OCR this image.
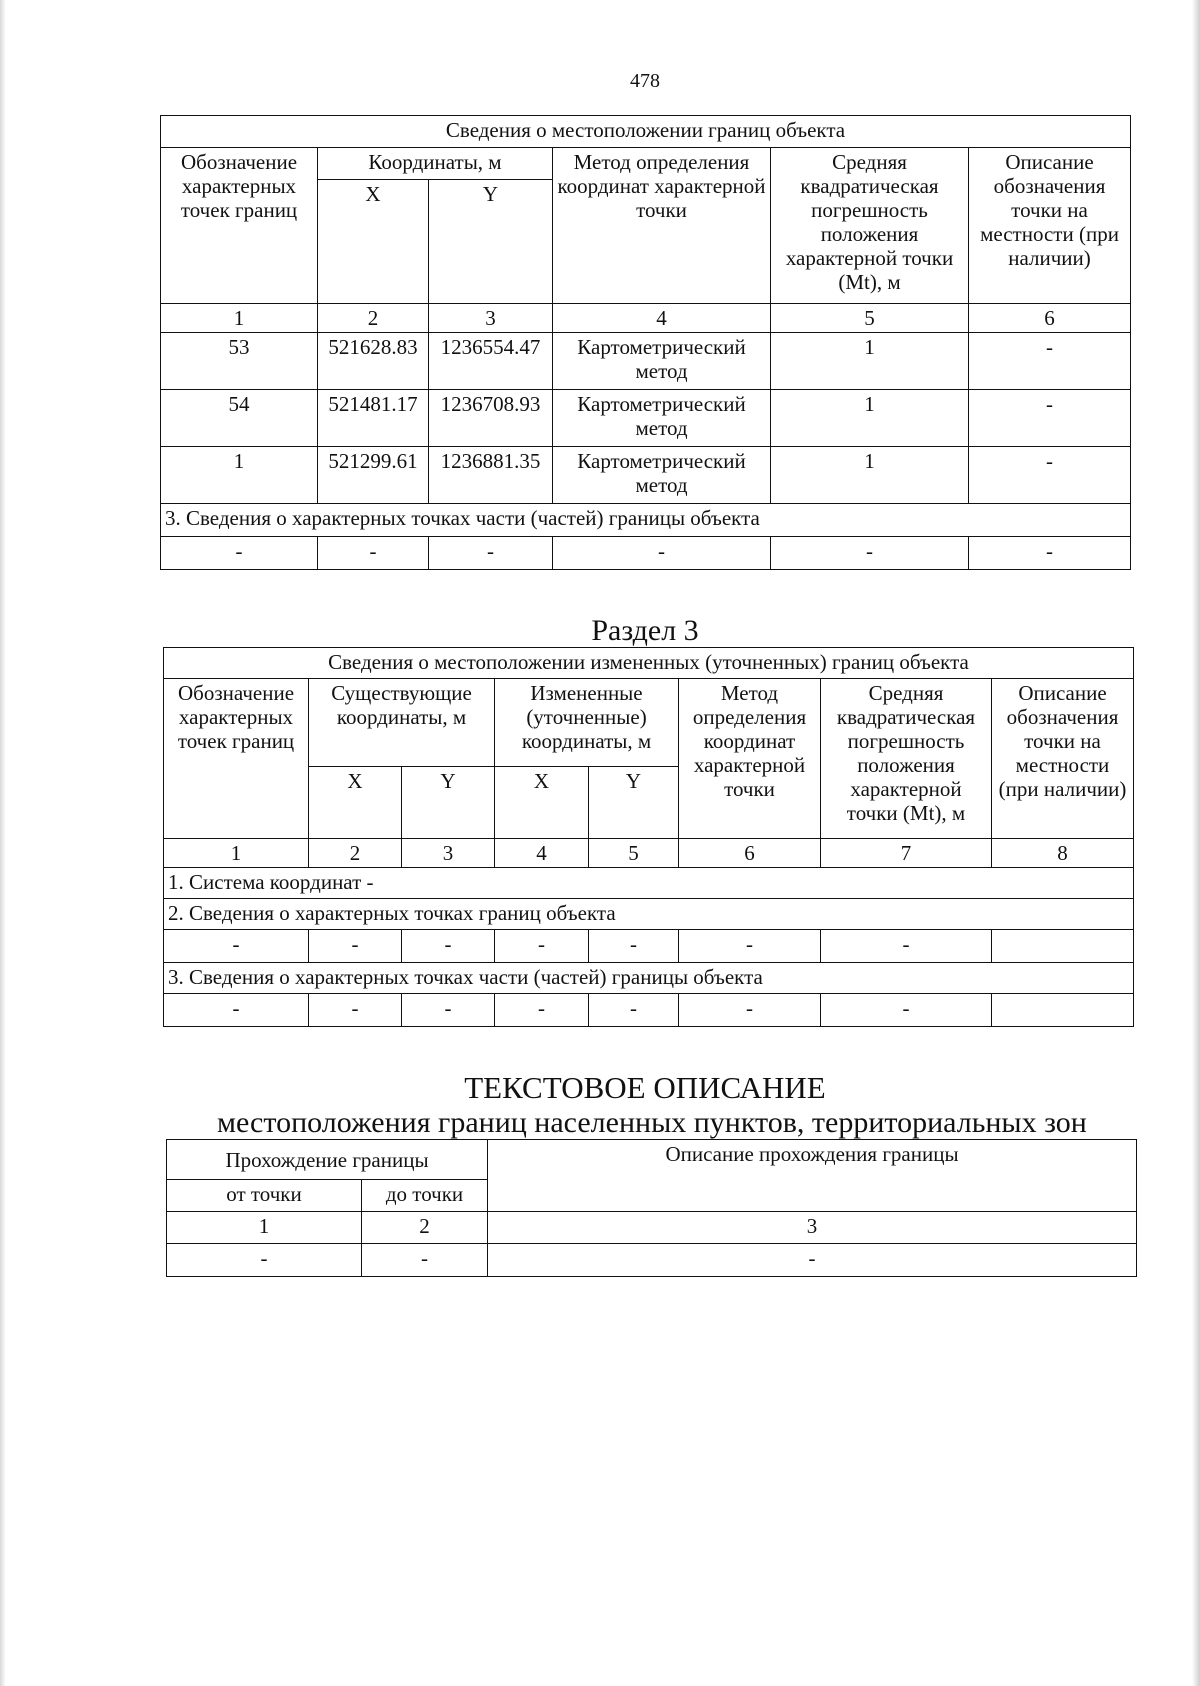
478
Сведения о местоположении границ объекта					
Обозначение характерных точек границ	Координаты, м		Метод определения координат характерной точки	Средняя квадратическая погрешность положения характерной точки (Mt), м	Описание обозначения точки на местности (при наличии)
	X	Y			
1	2	3	4	5	6
53	521628.83	1236554.47	Картометрический метод	1	-
54	521481.17	1236708.93	Картометрический метод	1	-
1	521299.61	1236881.35	Картометрический метод	1	-
3. Сведения о характерных точках части (частей) границы объекта					
-	-	-	-	-	-
Раздел 3
Сведения о местоположении измененных (уточненных) границ объекта							
Обозначение характерных точек границ	Существующие координаты, м		Измененные (уточненные) координаты, м		Метод определения координат характерной точки	Средняя квадратическая погрешность положения характерной точки (Mt), м	Описание обозначения точки на местности (при наличии)
	X	Y	X	Y			
1	2	3	4	5	6	7	8
1. Система координат -							
2. Сведения о характерных точках границ объекта							
-	-	-	-	-	-	-	
3. Сведения о характерных точках части (частей) границы объекта							
-	-	-	-	-	-	-	
ТЕКСТОВОЕ ОПИСАНИЕ
местоположения границ населенных пунктов, территориальных зон
Прохождение границы		Описание прохождения границы
от точки	до точки	
1	2	3
-	-	-
